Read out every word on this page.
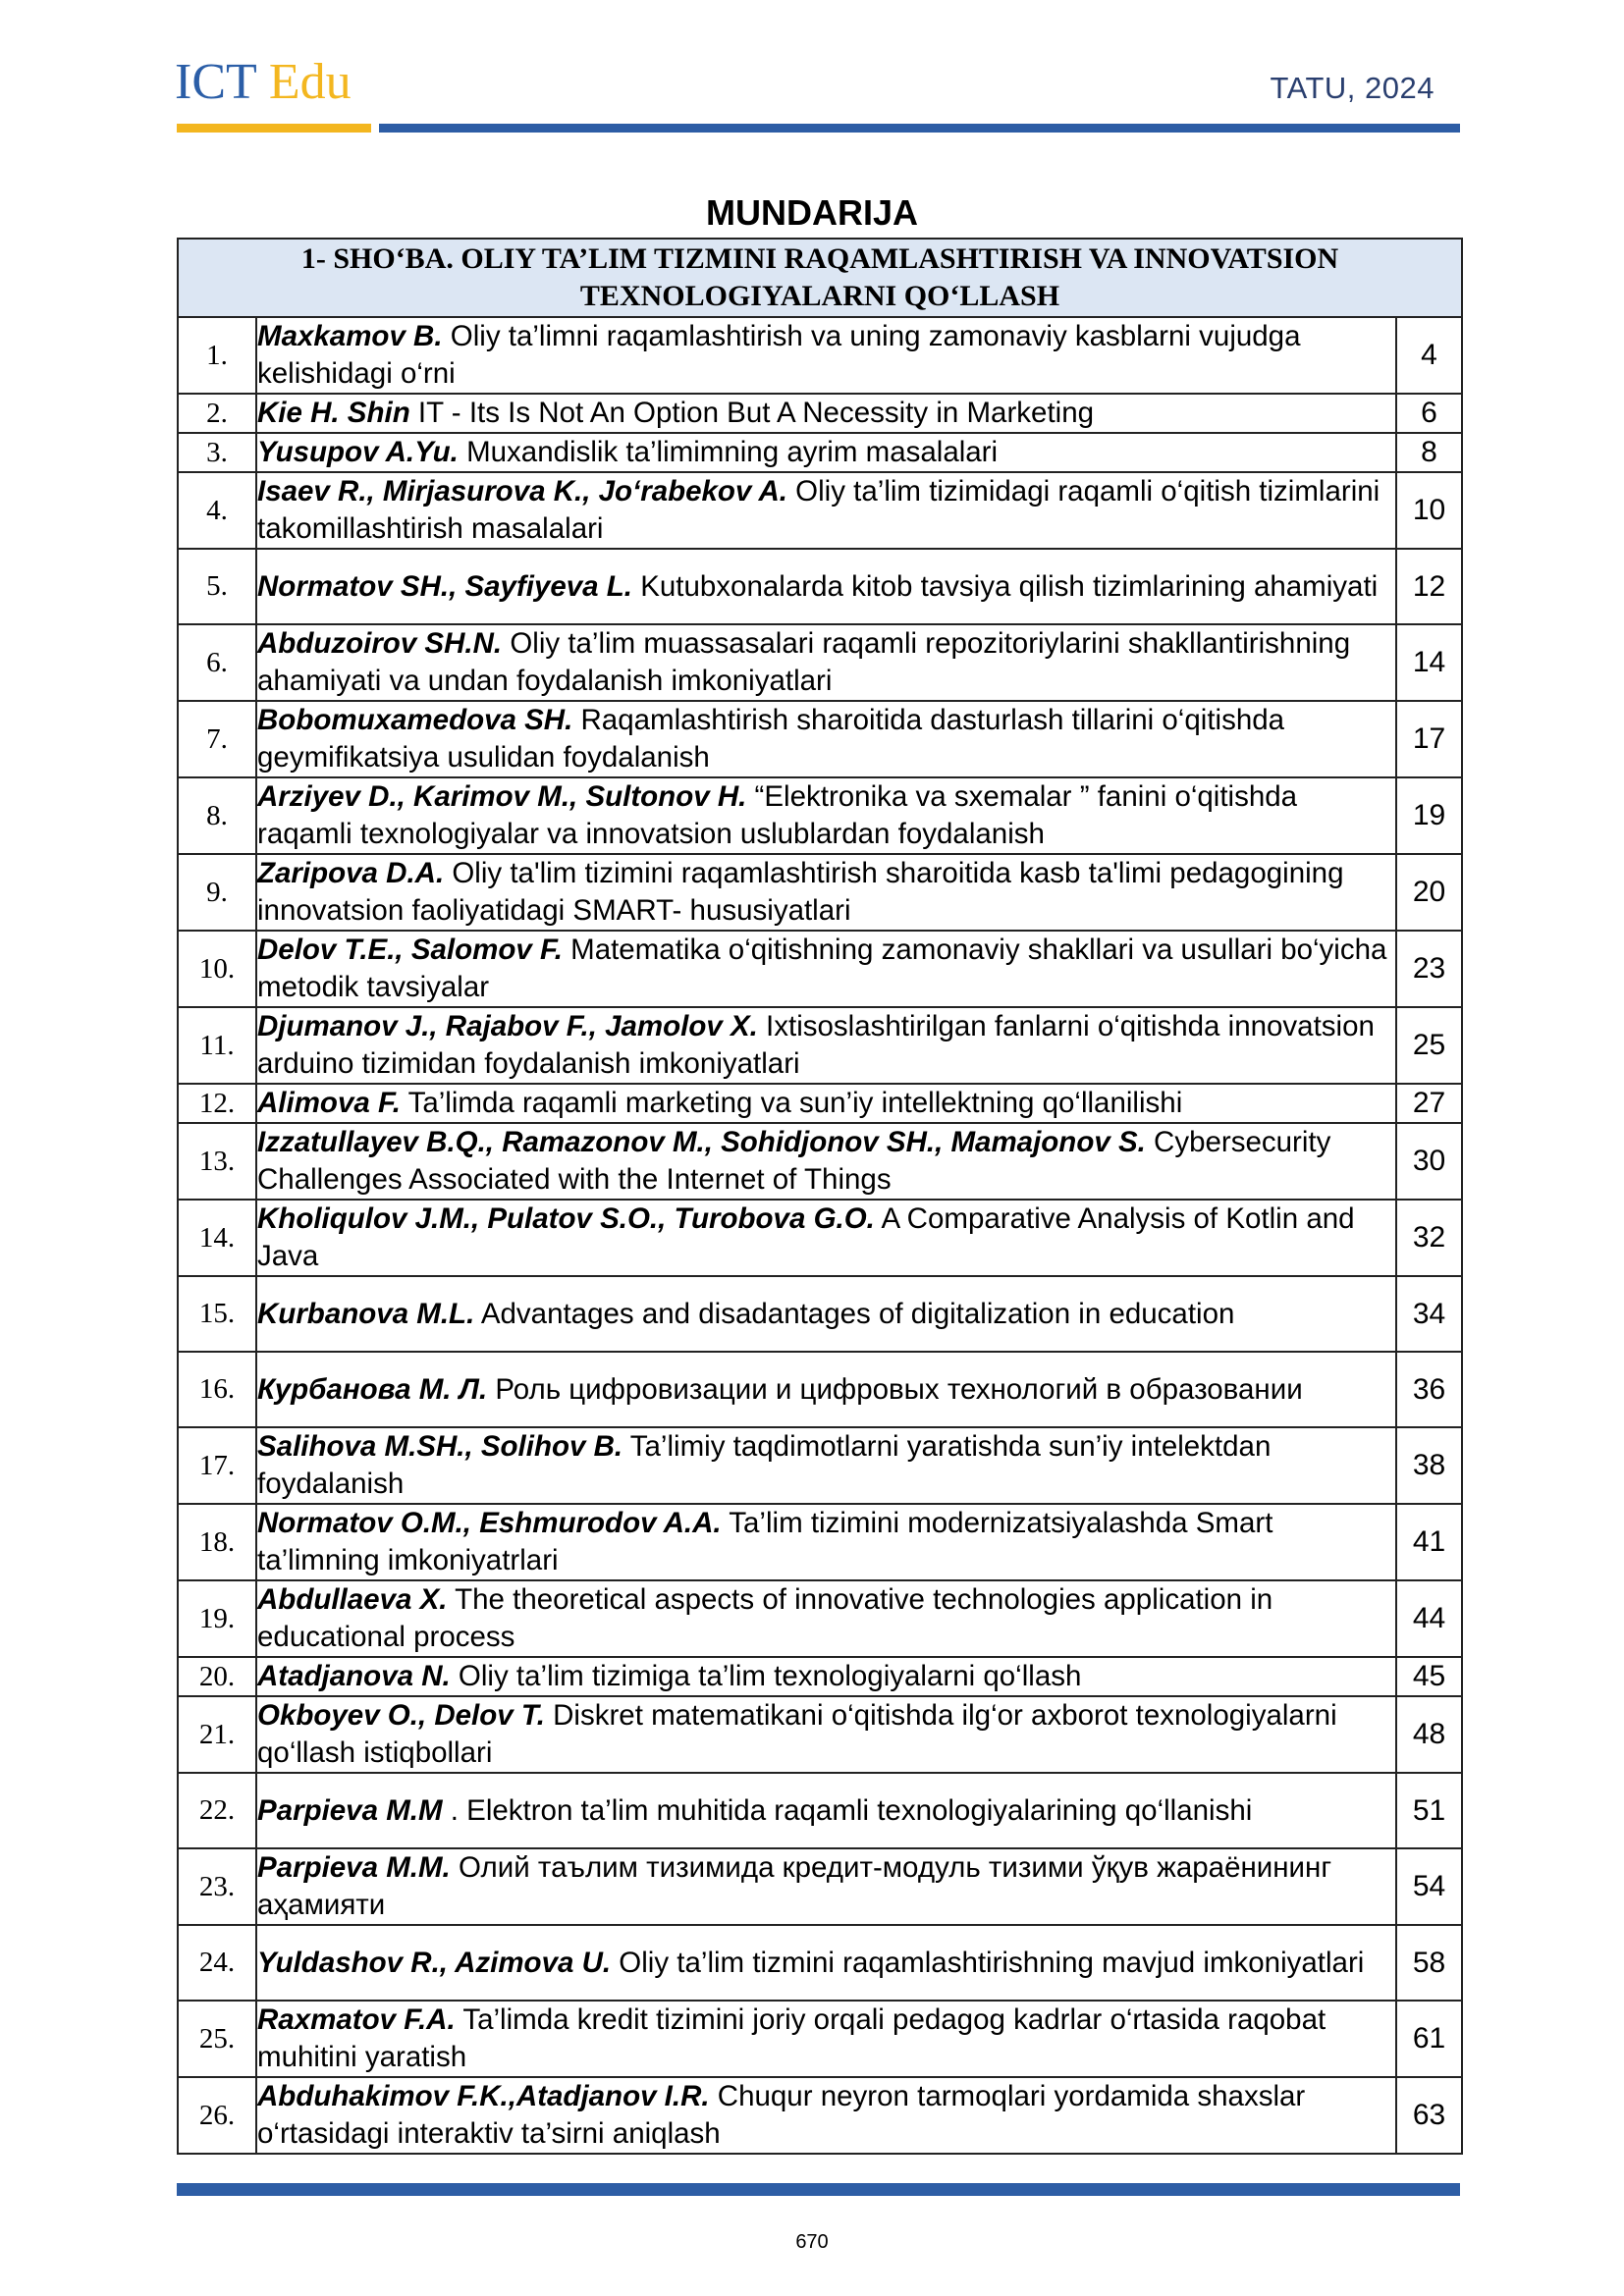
ICT Edu	TATU, 2024
MUNDARIJA
1- SHO‘BA. OLIY TA’LIM TIZMINI RAQAMLASHTIRISH VA INNOVATSION
TEXNOLOGIYALARNI QO‘LLASH		
1.	Maxkamov B. Oliy ta’limni raqamlashtirish va uning zamonaviy kasblarni vujudga kelishidagi o‘rni	4
2.	Kie H. Shin IT - Its Is Not An Option But A Necessity in Marketing	6
3.	Yusupov A.Yu. Muxandislik ta’limimning ayrim masalalari	8
4.	Isaev R., Mirjasurova K., Jo‘rabekov A. Oliy ta’lim tizimidagi raqamli o‘qitish tizimlarini takomillashtirish masalalari	10
5.	Normatov SH., Sayfiyeva L. Kutubxonalarda kitob tavsiya qilish tizimlarining ahamiyati	12
6.	Abduzoirov SH.N. Oliy ta’lim muassasalari raqamli repozitoriylarini shakllantirishning ahamiyati va undan foydalanish imkoniyatlari	14
7.	Bobomuxamedova SH. Raqamlashtirish sharoitida dasturlash tillarini o‘qitishda geymifikatsiya usulidan foydalanish	17
8.	Arziyev D., Karimov M., Sultonov H. “Elektronika va sxemalar ” fanini o‘qitishda raqamli texnologiyalar va innovatsion uslublardan foydalanish	19
9.	Zaripova D.A. Oliy ta'lim tizimini raqamlashtirish sharoitida kasb ta'limi pedagogining innovatsion faoliyatidagi SMART- hususiyatlari	20
10.	Delov T.E., Salomov F. Matematika o‘qitishning zamonaviy shakllari va usullari bo‘yicha metodik tavsiyalar	23
11.	Djumanov J., Rajabov F., Jamolov X. Ixtisoslashtirilgan fanlarni o‘qitishda innovatsion arduino tizimidan foydalanish imkoniyatlari	25
12.	Alimova F. Ta’limda raqamli marketing va sun’iy intellektning qo‘llanilishi	27
13.	Izzatullayev B.Q., Ramazonov M., Sohidjonov SH., Mamajonov S. Cybersecurity Challenges Associated with the Internet of Things	30
14.	Kholiqulov J.M., Pulatov S.O., Turobova G.O. A Comparative Analysis of Kotlin and Java	32
15.	Kurbanova M.L. Advantages and disadantages of digitalization in education	34
16.	Курбанова М. Л. Роль цифровизации и цифровых технологий в образовании	36
17.	Salihova M.SH., Solihov B. Ta’limiy taqdimotlarni yaratishda sun’iy intelektdan foydalanish	38
18.	Normatov O.M., Eshmurodov A.A. Ta’lim tizimini modernizatsiyalashda Smart ta’limning imkoniyatrlari	41
19.	Abdullaeva X. The theoretical aspects of innovative technologies application in educational process	44
20.	Atadjanova N. Oliy ta’lim tizimiga ta’lim texnologiyalarni qo‘llash	45
21.	Okboyev O., Delov T. Diskret matematikani o‘qitishda ilg‘or axborot texnologiyalarni qo‘llash istiqbollari	48
22.	Parpieva M.M . Elektron ta’lim muhitida raqamli texnologiyalarining qo‘llanishi	51
23.	Parpieva M.M. Олий таълим тизимида кредит-модуль тизими ўқув жараёнининг аҳамияти	54
24.	Yuldashov R., Azimova U. Oliy ta’lim tizmini raqamlashtirishning mavjud imkoniyatlari	58
25.	Raxmatov F.A. Ta’limda kredit tizimini joriy orqali pedagog kadrlar o‘rtasida raqobat muhitini yaratish	61
26.	Abduhakimov F.K.,Atadjanov I.R. Chuqur neyron tarmoqlari yordamida shaxslar o‘rtasidagi interaktiv ta’sirni aniqlash	63
670
